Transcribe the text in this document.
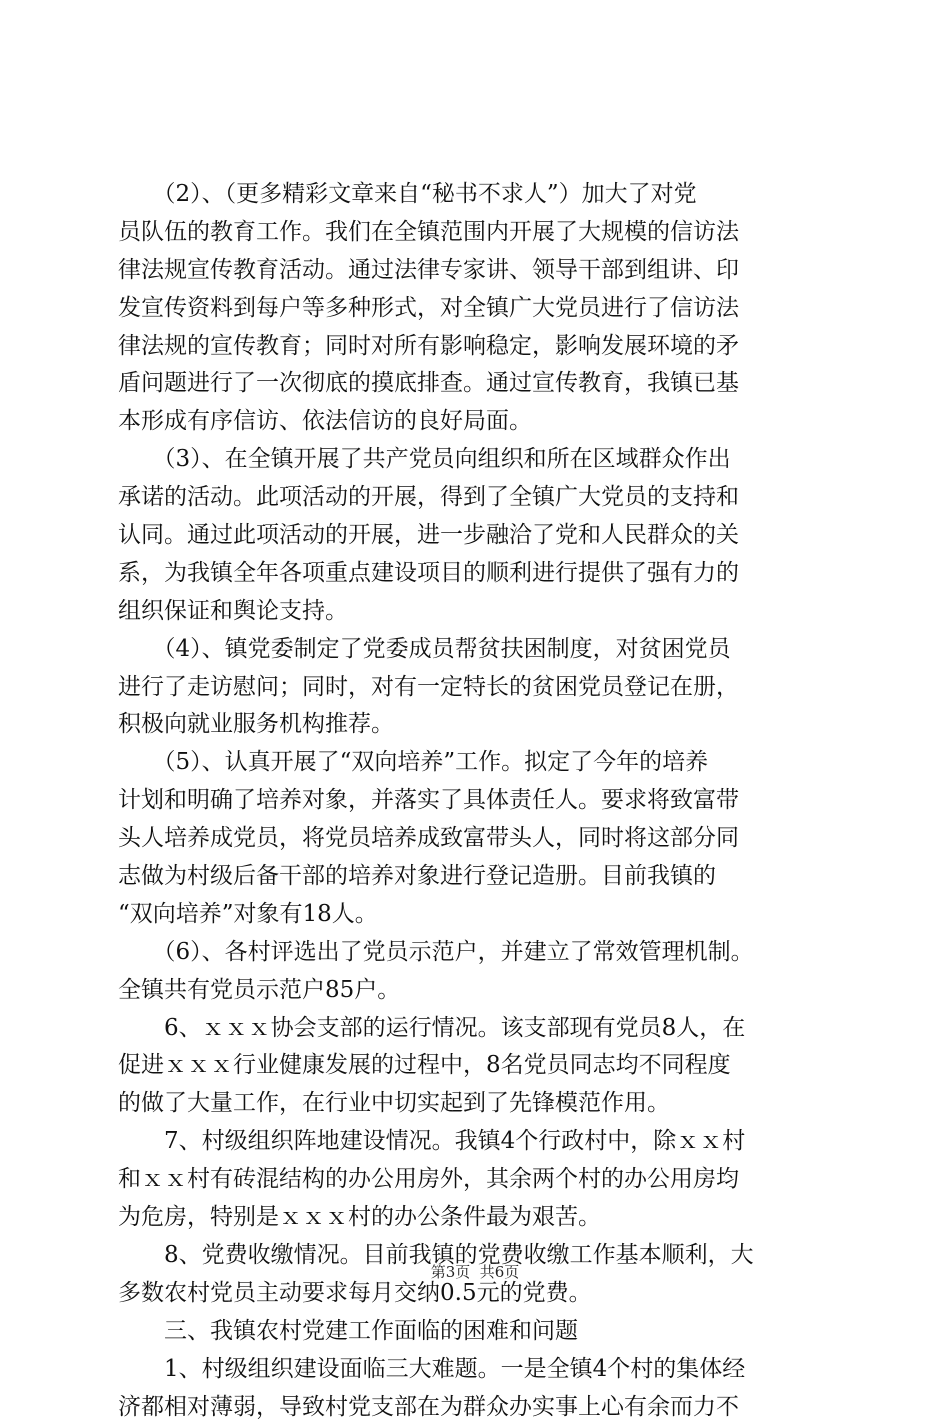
　　（2）、（更多精彩文章来自“秘书不求人”）加大了对党
员队伍的教育工作。我们在全镇范围内开展了大规模的信访法
律法规宣传教育活动。通过法律专家讲、领导干部到组讲、印
发宣传资料到每户等多种形式，对全镇广大党员进行了信访法
律法规的宣传教育；同时对所有影响稳定，影响发展环境的矛
盾问题进行了一次彻底的摸底排查。通过宣传教育，我镇已基
本形成有序信访、依法信访的良好局面。
　　（3）、在全镇开展了共产党员向组织和所在区域群众作出
承诺的活动。此项活动的开展，得到了全镇广大党员的支持和
认同。通过此项活动的开展，进一步融洽了党和人民群众的关
系，为我镇全年各项重点建设项目的顺利进行提供了强有力的
组织保证和舆论支持。
　　（4）、镇党委制定了党委成员帮贫扶困制度，对贫困党员
进行了走访慰问；同时，对有一定特长的贫困党员登记在册，
积极向就业服务机构推荐。
　　（5）、认真开展了“双向培养”工作。拟定了今年的培养
计划和明确了培养对象，并落实了具体责任人。要求将致富带
头人培养成党员，将党员培养成致富带头人，同时将这部分同
志做为村级后备干部的培养对象进行登记造册。目前我镇的
“双向培养”对象有18人。
　　（6）、各村评选出了党员示范户，并建立了常效管理机制。
全镇共有党员示范户85户。
　　6、ｘｘｘ协会支部的运行情况。该支部现有党员8人，在
促进ｘｘｘ行业健康发展的过程中，8名党员同志均不同程度
的做了大量工作，在行业中切实起到了先锋模范作用。
　　7、村级组织阵地建设情况。我镇4个行政村中，除ｘｘ村
和ｘｘ村有砖混结构的办公用房外，其余两个村的办公用房均
为危房，特别是ｘｘｘ村的办公条件最为艰苦。
　　8、党费收缴情况。目前我镇的党费收缴工作基本顺利，大
多数农村党员主动要求每月交纳0.5元的党费。
　　三、我镇农村党建工作面临的困难和问题
　　1、村级组织建设面临三大难题。一是全镇4个村的集体经
济都相对薄弱，导致村党支部在为群众办实事上心有余而力不
第3页  共6页
